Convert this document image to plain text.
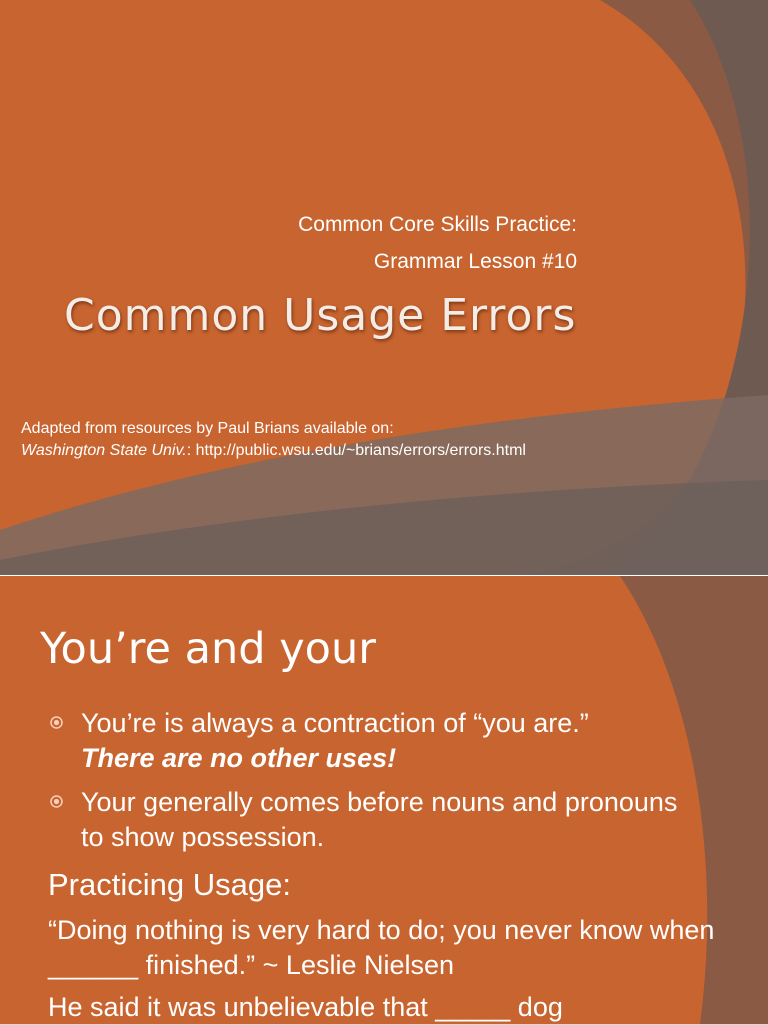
Common Core Skills Practice:
Grammar Lesson #10
Common Usage Errors
Adapted from resources by Paul Brians available on:
Washington State Univ.: http://public.wsu.edu/~brians/errors/errors.html
You’re and your
You’re is always a contraction of “you are.”
There are no other uses!
Your generally comes before nouns and pronouns to show possession.
Practicing Usage:
“Doing nothing is very hard to do; you never know when ______ finished.” ~ Leslie Nielsen
He said it was unbelievable that _____ dog
